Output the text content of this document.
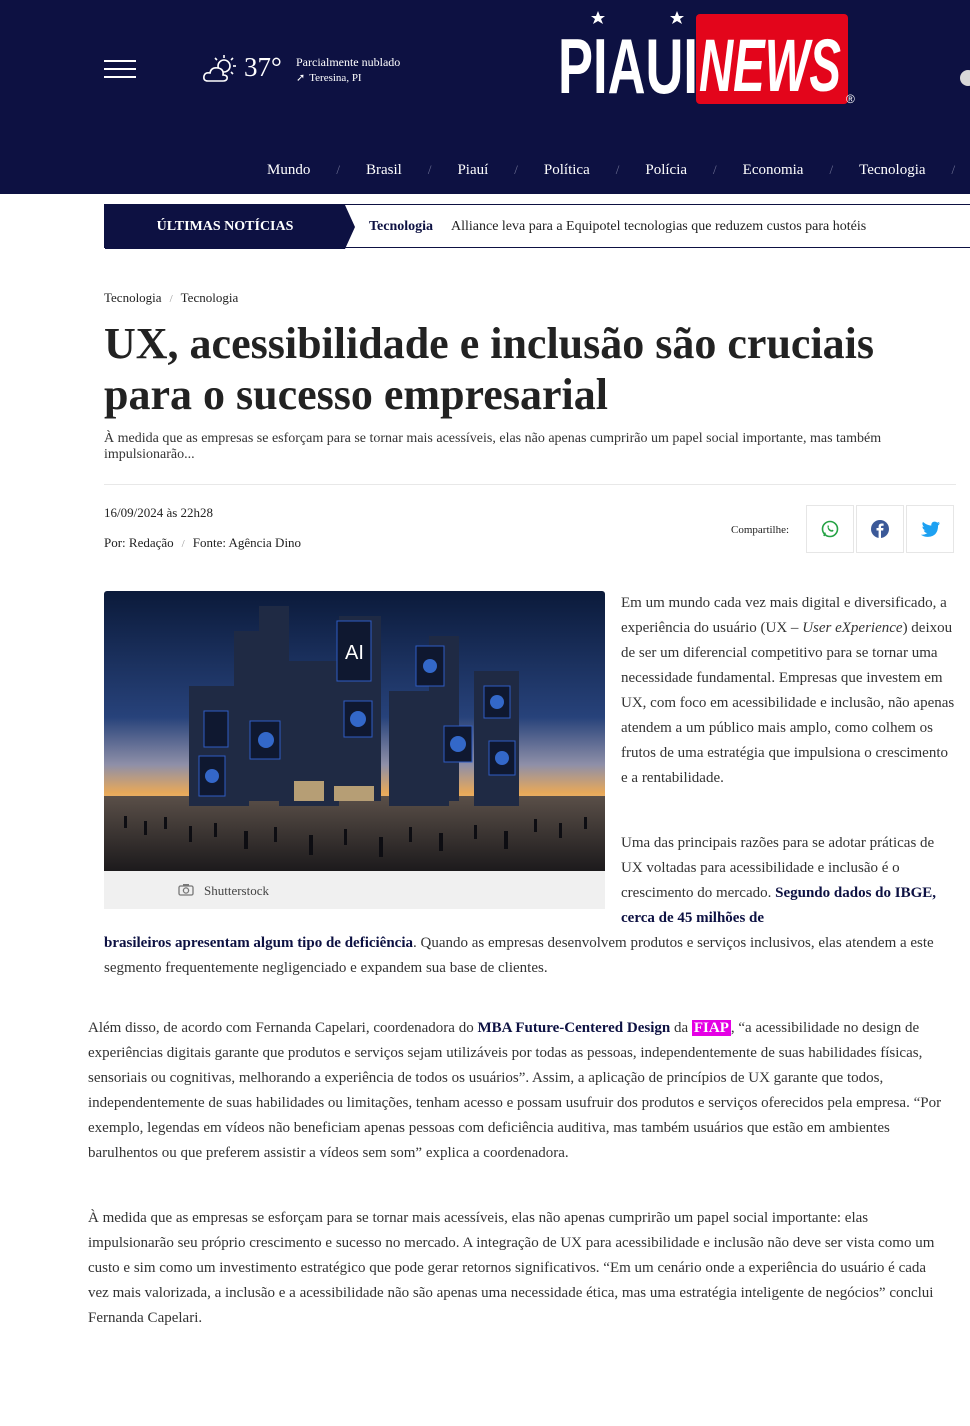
37° Parcialmente nublado
➚ Teresina, PI	PIAUI NEWS ®
Mundo / Brasil / Piauí / Política / Polícia / Economia / Tecnologia /
ÚLTIMAS NOTÍCIAS	Tecnologia Alliance leva para a Equipotel tecnologias que reduzem custos para hotéis
Tecnologia / Tecnologia
UX, acessibilidade e inclusão são cruciais para o sucesso empresarial

À medida que as empresas se esforçam para se tornar mais acessíveis, elas não apenas cumprirão um papel social importante, mas também impulsionarão...

16/09/2024 às 22h28
Por: Redação / Fonte: Agência Dino
Compartilhe:
AI
Shutterstock

Em um mundo cada vez mais digital e diversificado, a experiência do usuário (UX – User eXperience) deixou de ser um diferencial competitivo para se tornar uma necessidade fundamental. Empresas que investem em UX, com foco em acessibilidade e inclusão, não apenas atendem a um público mais amplo, como colhem os frutos de uma estratégia que impulsiona o crescimento e a rentabilidade.

Uma das principais razões para se adotar práticas de UX voltadas para acessibilidade e inclusão é o crescimento do mercado. Segundo dados do IBGE, cerca de 45 milhões de

brasileiros apresentam algum tipo de deficiência. Quando as empresas desenvolvem produtos e serviços inclusivos, elas atendem a este segmento frequentemente negligenciado e expandem sua base de clientes.

Além disso, de acordo com Fernanda Capelari, coordenadora do MBA Future-Centered Design da FIAP , “a acessibilidade no design de experiências digitais garante que produtos e serviços sejam utilizáveis por todas as pessoas, independentemente de suas habilidades físicas, sensoriais ou cognitivas, melhorando a experiência de todos os usuários”. Assim, a aplicação de princípios de UX garante que todos, independentemente de suas habilidades ou limitações, tenham acesso e possam usufruir dos produtos e serviços oferecidos pela empresa. “Por exemplo, legendas em vídeos não beneficiam apenas pessoas com deficiência auditiva, mas também usuários que estão em ambientes barulhentos ou que preferem assistir a vídeos sem som” explica a coordenadora.

À medida que as empresas se esforçam para se tornar mais acessíveis, elas não apenas cumprirão um papel social importante: elas impulsionarão seu próprio crescimento e sucesso no mercado. A integração de UX para acessibilidade e inclusão não deve ser vista como um custo e sim como um investimento estratégico que pode gerar retornos significativos. “Em um cenário onde a experiência do usuário é cada vez mais valorizada, a inclusão e a acessibilidade não são apenas uma necessidade ética, mas uma estratégia inteligente de negócios” conclui Fernanda Capelari.
